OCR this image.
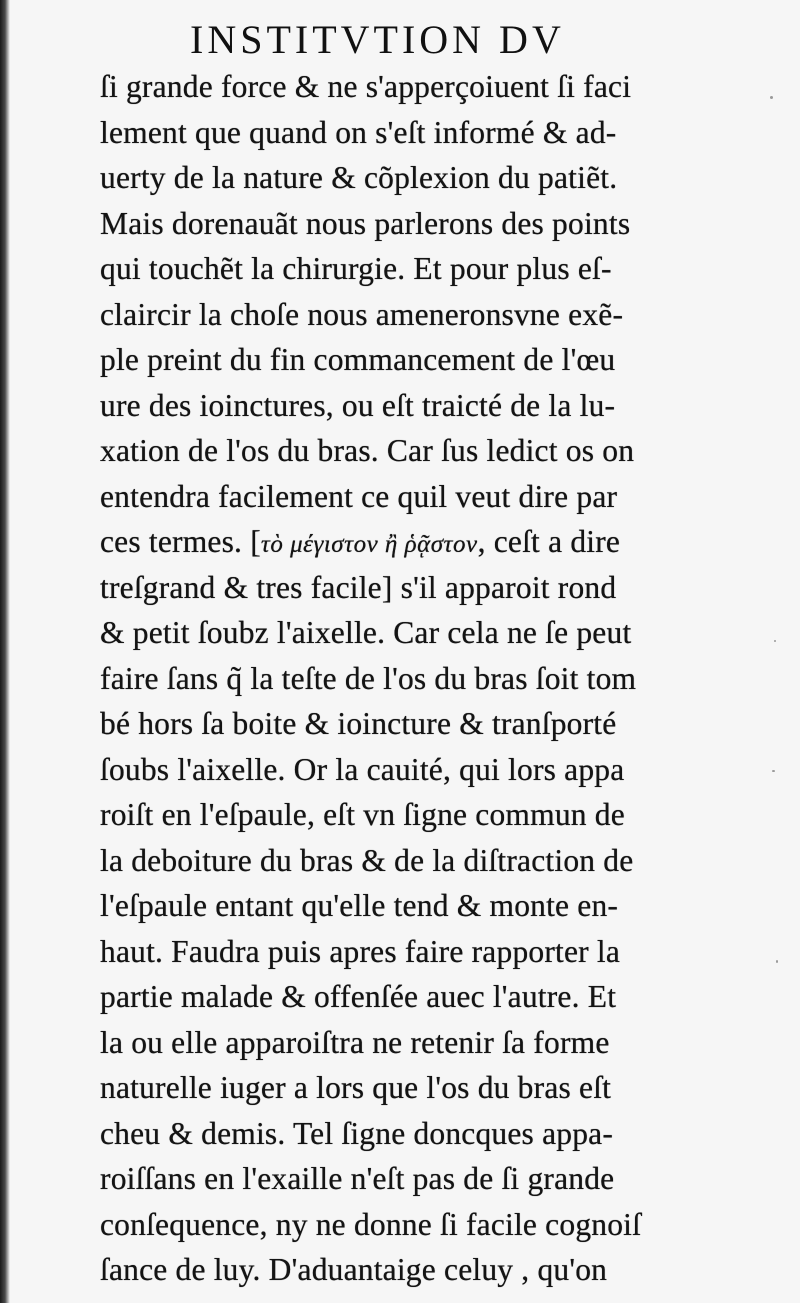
INSTITVTION DV
ſi grande force & ne s'apperçoiuent ſi faci
lement que quand on s'eſt informé & ad-
uerty de la nature & cõplexion du patiẽt.
Mais dorenauãt nous parlerons des points
qui touchẽt la chirurgie. Et pour plus eſ-
claircir la choſe nous ameneronsvne exẽ-
ple preint du fin commancement de l'œu
ure des ioinctures, ou eſt traicté de la lu-
xation de l'os du bras. Car ſus ledict os on
entendra facilement ce quil veut dire par
ces termes. [τὸ μέγιστον ἢ ῥᾷστον, ceſt a dire
treſgrand & tres facile] s'il apparoit rond
& petit ſoubz l'aixelle. Car cela ne ſe peut
faire ſans q̃ la teſte de l'os du bras ſoit tom
bé hors ſa boite & ioincture & tranſporté
ſoubs l'aixelle. Or la cauité, qui lors appa
roiſt en l'eſpaule, eſt vn ſigne commun de
la deboiture du bras & de la diſtraction de
l'eſpaule entant qu'elle tend & monte en-
haut. Faudra puis apres faire rapporter la
partie malade & offenſée auec l'autre. Et
la ou elle apparoiſtra ne retenir ſa forme
naturelle iuger a lors que l'os du bras eſt
cheu & demis. Tel ſigne doncques appa-
roiſſans en l'exaille n'eſt pas de ſi grande
conſequence, ny ne donne ſi facile cognoiſ
ſance de luy. D'aduantaige celuy , qu'on
